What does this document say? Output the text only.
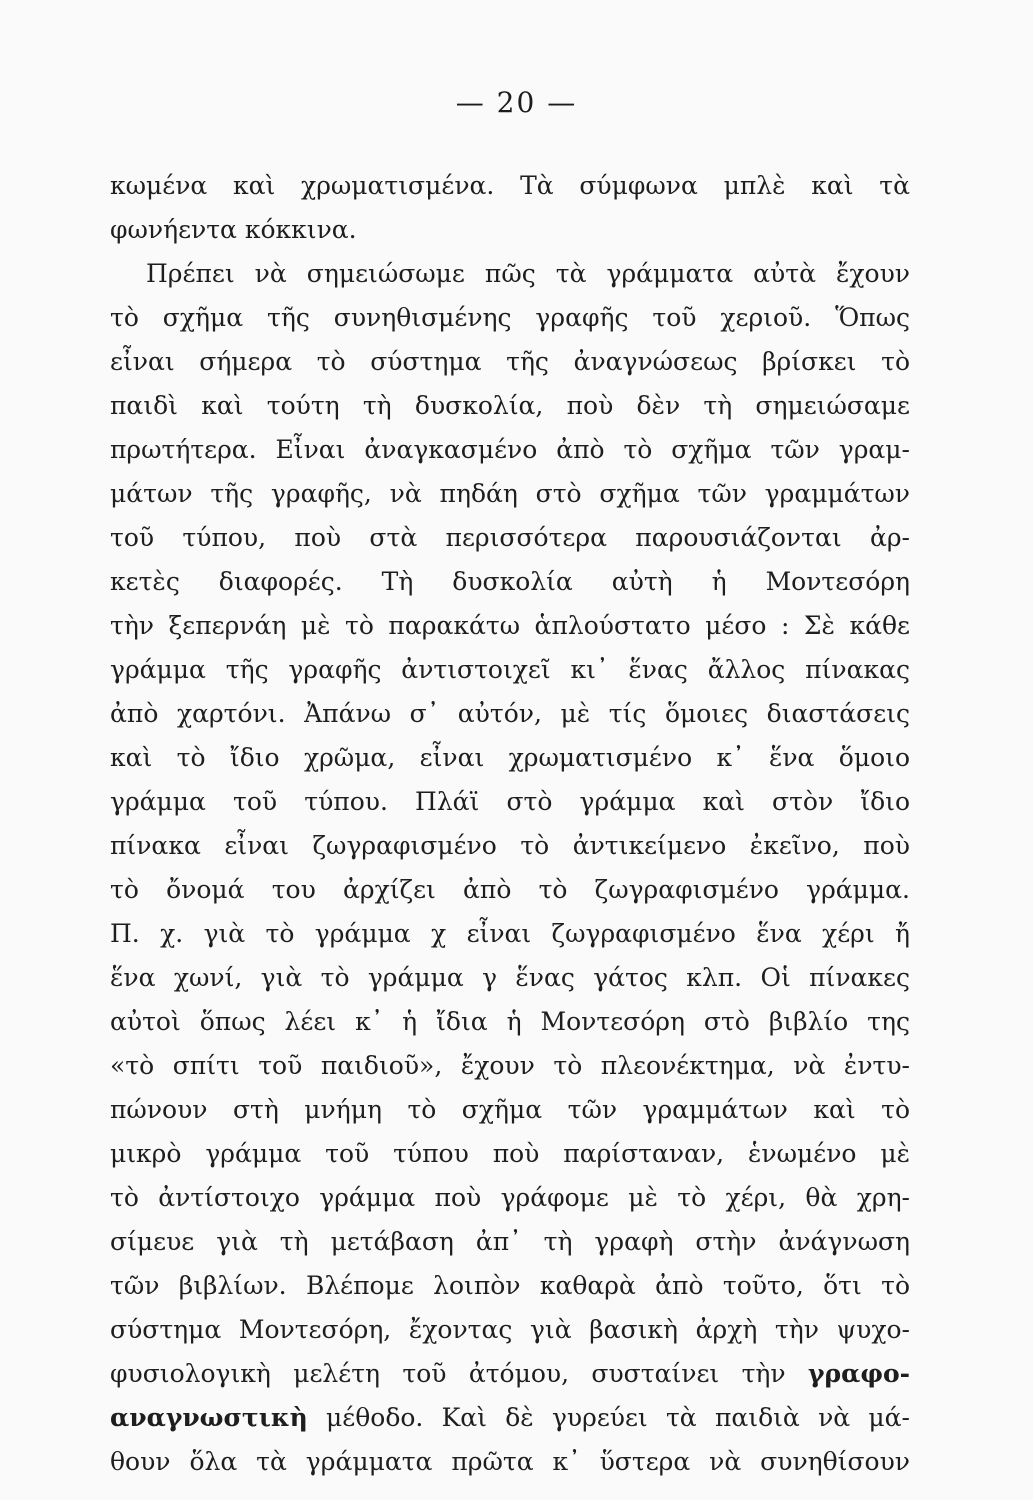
— 20 —
κωμένα καὶ χρωματισμένα. Τὰ σύμφωνα μπλὲ καὶ τὰ
φωνήεντα κόκκινα.
Πρέπει νὰ σημειώσωμε πῶς τὰ γράμματα αὐτὰ ἔχουν
τὸ σχῆμα τῆς συνηθισμένης γραφῆς τοῦ χεριοῦ. Ὅπως
εἶναι σήμερα τὸ σύστημα τῆς ἀναγνώσεως βρίσκει τὸ
παιδὶ καὶ τούτη τὴ δυσκολία, ποὺ δὲν τὴ σημειώσαμε
πρωτήτερα. Εἶναι ἀναγκασμένο ἀπὸ τὸ σχῆμα τῶν γραμ-
μάτων τῆς γραφῆς, νὰ πηδάη στὸ σχῆμα τῶν γραμμάτων
τοῦ τύπου, ποὺ στὰ περισσότερα παρουσιάζονται ἀρ-
κετὲς διαφορές. Τὴ δυσκολία αὐτὴ ἡ Μοντεσόρη
τὴν ξεπερνάη μὲ τὸ παρακάτω ἁπλούστατο μέσο : Σὲ κάθε
γράμμα τῆς γραφῆς ἀντιστοιχεῖ κι᾿ ἕνας ἄλλος πίνακας
ἀπὸ χαρτόνι. Ἀπάνω σ᾿ αὐτόν, μὲ τίς ὅμοιες διαστάσεις
καὶ τὸ ἴδιο χρῶμα, εἶναι χρωματισμένο κ᾿ ἕνα ὅμοιο
γράμμα τοῦ τύπου. Πλάϊ στὸ γράμμα καὶ στὸν ἴδιο
πίνακα εἶναι ζωγραφισμένο τὸ ἀντικείμενο ἐκεῖνο, ποὺ
τὸ ὄνομά του ἀρχίζει ἀπὸ τὸ ζωγραφισμένο γράμμα.
Π. χ. γιὰ τὸ γράμμα χ εἶναι ζωγραφισμένο ἕνα χέρι ἤ
ἕνα χωνί, γιὰ τὸ γράμμα γ ἕνας γάτος κλπ. Οἱ πίνακες
αὐτοὶ ὅπως λέει κ᾿ ἡ ἴδια ἡ Μοντεσόρη στὸ βιβλίο της
«τὸ σπίτι τοῦ παιδιοῦ», ἔχουν τὸ πλεονέκτημα, νὰ ἐντυ-
πώνουν στὴ μνήμη τὸ σχῆμα τῶν γραμμάτων καὶ τὸ
μικρὸ γράμμα τοῦ τύπου ποὺ παρίσταναν, ἑνωμένο μὲ
τὸ ἀντίστοιχο γράμμα ποὺ γράφομε μὲ τὸ χέρι, θὰ χρη-
σίμευε γιὰ τὴ μετάβαση ἀπ᾿ τὴ γραφὴ στὴν ἀνάγνωση
τῶν βιβλίων. Βλέπομε λοιπὸν καθαρὰ ἀπὸ τοῦτο, ὅτι τὸ
σύστημα Μοντεσόρη, ἔχοντας γιὰ βασικὴ ἀρχὴ τὴν ψυχο-
φυσιολογικὴ μελέτη τοῦ ἀτόμου, συσταίνει τὴν γραφο-
αναγνωστικὴ μέθοδο. Καὶ δὲ γυρεύει τὰ παιδιὰ νὰ μά-
θουν ὅλα τὰ γράμματα πρῶτα κ᾿ ὕστερα νὰ συνηθίσουν
